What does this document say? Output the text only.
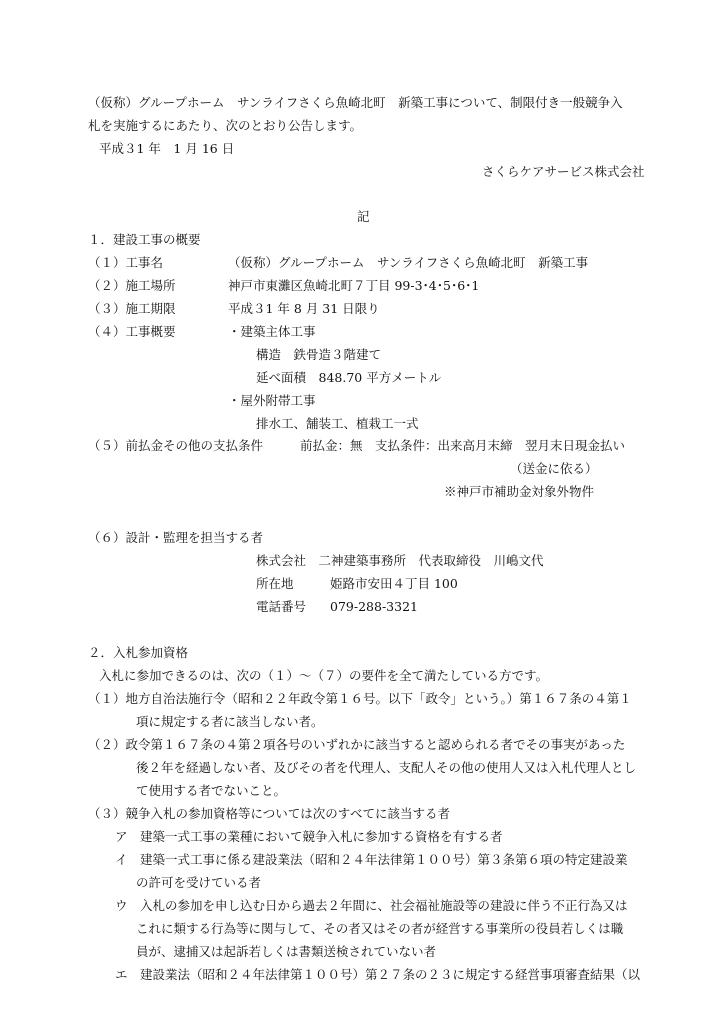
（仮称）グループホーム　サンライフさくら魚崎北町　新築工事について、制限付き一般競争入
札を実施するにあたり、次のとおり公告します。
平成３1 年　1 月 16 日
さくらケアサービス株式会社
記
１．建設工事の概要
（１）工事名	（仮称）グループホーム　サンライフさくら魚崎北町　新築工事
（２）施工場所	神戸市東灘区魚崎北町７丁目 99-3･4･5･6･1
（３）施工期限	平成３1 年 8 月 31 日限り
（４）工事概要	・建築主体工事
構造　鉄骨造３階建て
延べ面積　848.70 平方メートル
・屋外附帯工事
排水工、舗装工、植栽工一式
（５）前払金その他の支払条件	前払金：無　支払条件：出来高月末締　翌月末日現金払い
（送金に依る）
※神戸市補助金対象外物件
（６）設計・監理を担当する者
株式会社　二神建築事務所　代表取締役　川嶋文代
所在地	姫路市安田４丁目 100
電話番号 079-288-3321
２．入札参加資格
入札に参加できるのは、次の（１）～（７）の要件を全て満たしている方です。
（１）地方自治法施行令（昭和２２年政令第１６号。以下「政令」という。）第１６７条の４第１
項に規定する者に該当しない者。
（２）政令第１６７条の４第２項各号のいずれかに該当すると認められる者でその事実があった
後２年を経過しない者、及びその者を代理人、支配人その他の使用人又は入札代理人とし
て使用する者でないこと。
（３）競争入札の参加資格等については次のすべてに該当する者
ア　建築一式工事の業種において競争入札に参加する資格を有する者
イ　建築一式工事に係る建設業法（昭和２４年法律第１００号）第３条第６項の特定建設業
の許可を受けている者
ウ　入札の参加を申し込む日から過去２年間に、社会福祉施設等の建設に伴う不正行為又は
これに類する行為等に関与して、その者又はその者が経営する事業所の役員若しくは職
員が、逮捕又は起訴若しくは書類送検されていない者
エ　建設業法（昭和２４年法律第１００号）第２７条の２３に規定する経営事項審査結果（以
